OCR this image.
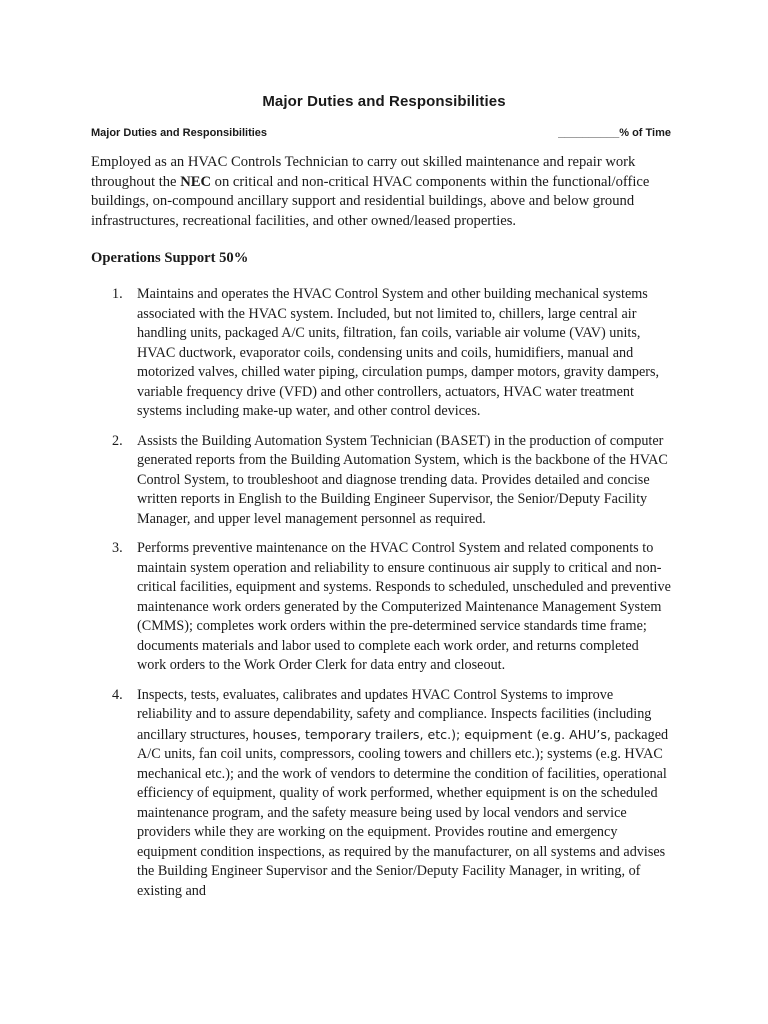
Major Duties and Responsibilities
Major Duties and Responsibilities	__________% of Time

Employed as an HVAC Controls Technician to carry out skilled maintenance and repair work throughout the NEC on critical and non-critical HVAC components within the functional/office buildings, on-compound ancillary support and residential buildings, above and below ground infrastructures, recreational facilities, and other owned/leased properties.

Operations Support 50%
1. Maintains and operates the HVAC Control System and other building mechanical systems associated with the HVAC system. Included, but not limited to, chillers, large central air handling units, packaged A/C units, filtration, fan coils, variable air volume (VAV) units, HVAC ductwork, evaporator coils, condensing units and coils, humidifiers, manual and motorized valves, chilled water piping, circulation pumps, damper motors, gravity dampers, variable frequency drive (VFD) and other controllers, actuators, HVAC water treatment systems including make-up water, and other control devices.
2. Assists the Building Automation System Technician (BASET) in the production of computer generated reports from the Building Automation System, which is the backbone of the HVAC Control System, to troubleshoot and diagnose trending data. Provides detailed and concise written reports in English to the Building Engineer Supervisor, the Senior/Deputy Facility Manager, and upper level management personnel as required.
3. Performs preventive maintenance on the HVAC Control System and related components to maintain system operation and reliability to ensure continuous air supply to critical and non-critical facilities, equipment and systems. Responds to scheduled, unscheduled and preventive maintenance work orders generated by the Computerized Maintenance Management System (CMMS); completes work orders within the pre-determined service standards time frame; documents materials and labor used to complete each work order, and returns completed work orders to the Work Order Clerk for data entry and closeout.
4. Inspects, tests, evaluates, calibrates and updates HVAC Control Systems to improve reliability and to assure dependability, safety and compliance. Inspects facilities (including ancillary structures, houses, temporary trailers, etc.); equipment (e.g. AHU’s, packaged A/C units, fan coil units, compressors, cooling towers and chillers etc.); systems (e.g. HVAC mechanical etc.); and the work of vendors to determine the condition of facilities, operational efficiency of equipment, quality of work performed, whether equipment is on the scheduled maintenance program, and the safety measure being used by local vendors and service providers while they are working on the equipment. Provides routine and emergency equipment condition inspections, as required by the manufacturer, on all systems and advises the Building Engineer Supervisor and the Senior/Deputy Facility Manager, in writing, of existing and
